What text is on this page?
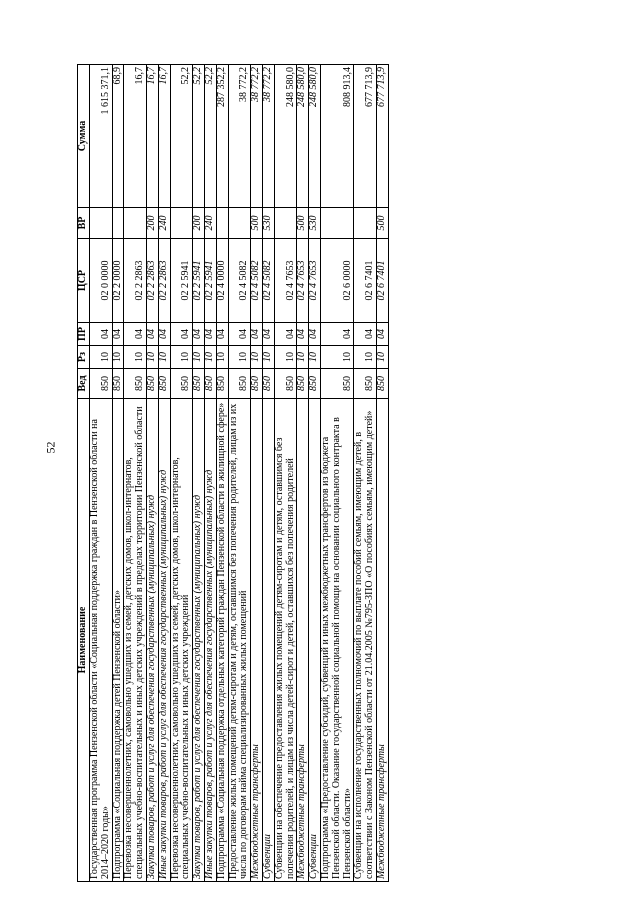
52
Наименование	Вед	Рз	ПР	ЦСР	ВР	Сумма
Государственная программа Пензенской области «Социальная поддержка граждан в Пензенской области на 2014–2020 годы»	850	10	04	02 0 0000		1 615 371,1
Подпрограмма «Социальная поддержка детей Пензенской области»	850	10	04	02 2 0000		68,9
Перевозка несовершеннолетних, самовольно ушедших из семей, детских домов, школ-интернатов, специальных учебно-воспитательных и иных детских учреждений в пределах территории Пензенской области	850	10	04	02 2 2863		16,7
Закупка товаров, работ и услуг для обеспечения государственных (муниципальных) нужд	850	10	04	02 2 2863	200	16,7
Иные закупки товаров, работ и услуг для обеспечения государственных (муниципальных) нужд	850	10	04	02 2 2863	240	16,7
Перевозка несовершеннолетних, самовольно ушедших из семей, детских домов, школ-интернатов, специальных учебно-воспитательных и иных детских учреждений	850	10	04	02 2 5941		52,2
Закупка товаров, работ и услуг для обеспечения государственных (муниципальных) нужд	850	10	04	02 2 5941	200	52,2
Иные закупки товаров, работ и услуг для обеспечения государственных (муниципальных) нужд	850	10	04	02 2 5941	240	52,2
Подпрограмма «Социальная поддержка отдельных категорий граждан Пензенской области в жилищной сфере»	850	10	04	02 4 0000		287 352,2
Предоставление жилых помещений детям-сиротам и детям, оставшимся без попечения родителей, лицам из их числа по договорам найма специализированных жилых помещений	850	10	04	02 4 5082		38 772,2
Межбюджетные трансферты	850	10	04	02 4 5082	500	38 772,2
Субвенции	850	10	04	02 4 5082	530	38 772,2
Субвенции на обеспечение предоставления жилых помещений детям-сиротам и детям, оставшимся без попечения родителей, и лицам из числа детей-сирот и детей, оставшихся без попечения родителей	850	10	04	02 4 7653		248 580,0
Межбюджетные трансферты	850	10	04	02 4 7653	500	248 580,0
Субвенции	850	10	04	02 4 7653	530	248 580,0
Подпрограмма «Предоставление субсидий, субвенций и иных межбюджетных трансфертов из бюджета Пензенской области. Оказание государственной социальной помощи на основании социального контракта в Пензенской области»	850	10	04	02 6 0000		808 913,4
Субвенции на исполнение государственных полномочий по выплате пособий семьям, имеющим детей, в соответствии с Законом Пензенской области от 21.04.2005 №795-ЗПО «О пособиях семьям, имеющим детей»	850	10	04	02 6 7401		677 713,9
Межбюджетные трансферты	850	10	04	02 6 7401	500	677 713,9
